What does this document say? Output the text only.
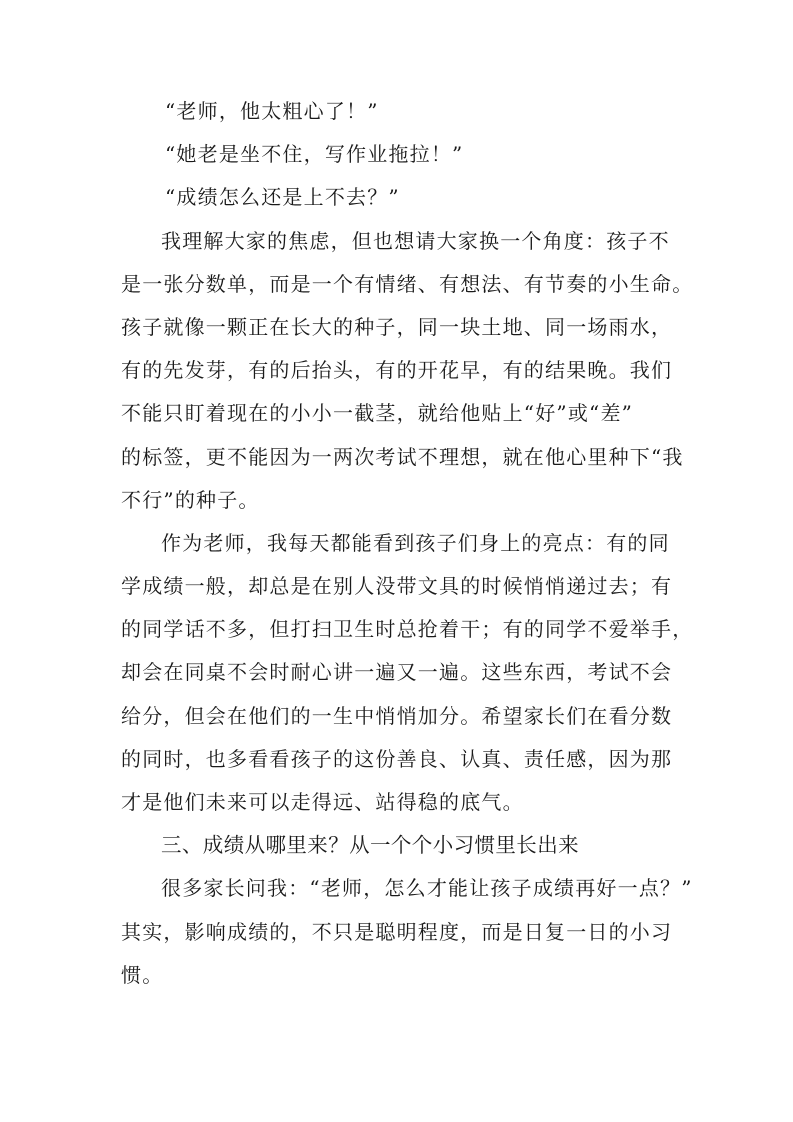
“老师，他太粗心了！”
“她老是坐不住，写作业拖拉！”
“成绩怎么还是上不去？”
我理解大家的焦虑，但也想请大家换一个角度：孩子不
是一张分数单，而是一个有情绪、有想法、有节奏的小生命。
孩子就像一颗正在长大的种子，同一块土地、同一场雨水，
有的先发芽，有的后抬头，有的开花早，有的结果晚。我们
不能只盯着现在的小小一截茎，就给他贴上“好”或“差”
的标签，更不能因为一两次考试不理想，就在他心里种下“我
不行”的种子。
作为老师，我每天都能看到孩子们身上的亮点：有的同
学成绩一般，却总是在别人没带文具的时候悄悄递过去；有
的同学话不多，但打扫卫生时总抢着干；有的同学不爱举手，
却会在同桌不会时耐心讲一遍又一遍。这些东西，考试不会
给分，但会在他们的一生中悄悄加分。希望家长们在看分数
的同时，也多看看孩子的这份善良、认真、责任感，因为那
才是他们未来可以走得远、站得稳的底气。
三、成绩从哪里来？从一个个小习惯里长出来
很多家长问我：“老师，怎么才能让孩子成绩再好一点？”
其实，影响成绩的，不只是聪明程度，而是日复一日的小习
惯。
